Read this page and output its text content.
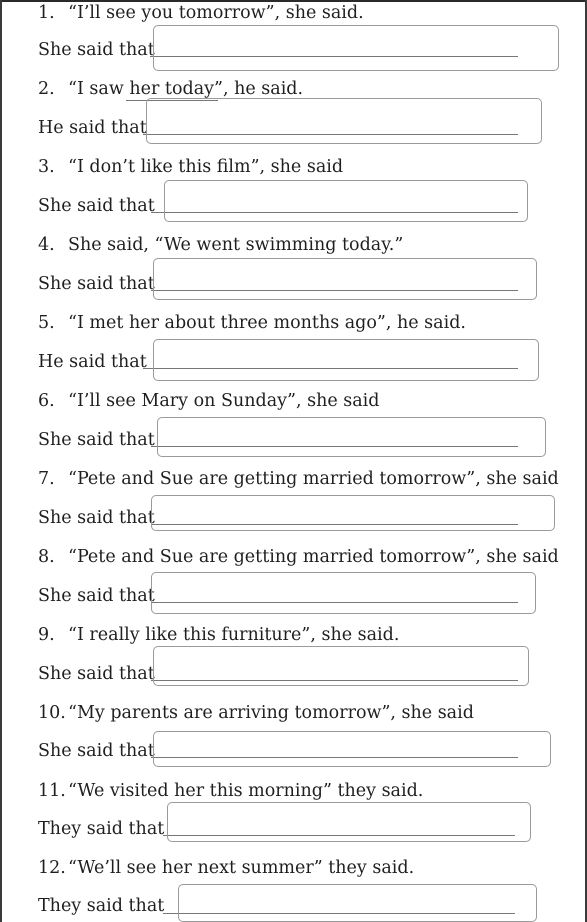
1. “I’ll see you tomorrow”, she said.
She said that
2. “I saw her today”, he said.
He said that
3. “I don’t like this film”, she said
She said that
4. She said, “We went swimming today.”
She said that
5. “I met her about three months ago”, he said.
He said that
6. “I’ll see Mary on Sunday”, she said
She said that
7. “Pete and Sue are getting married tomorrow”, she said
She said that
8. “Pete and Sue are getting married tomorrow”, she said
She said that
9. “I really like this furniture”, she said.
She said that
10. “My parents are arriving tomorrow”, she said
She said that
11. “We visited her this morning” they said.
They said that
12. “We’ll see her next summer” they said.
They said that
